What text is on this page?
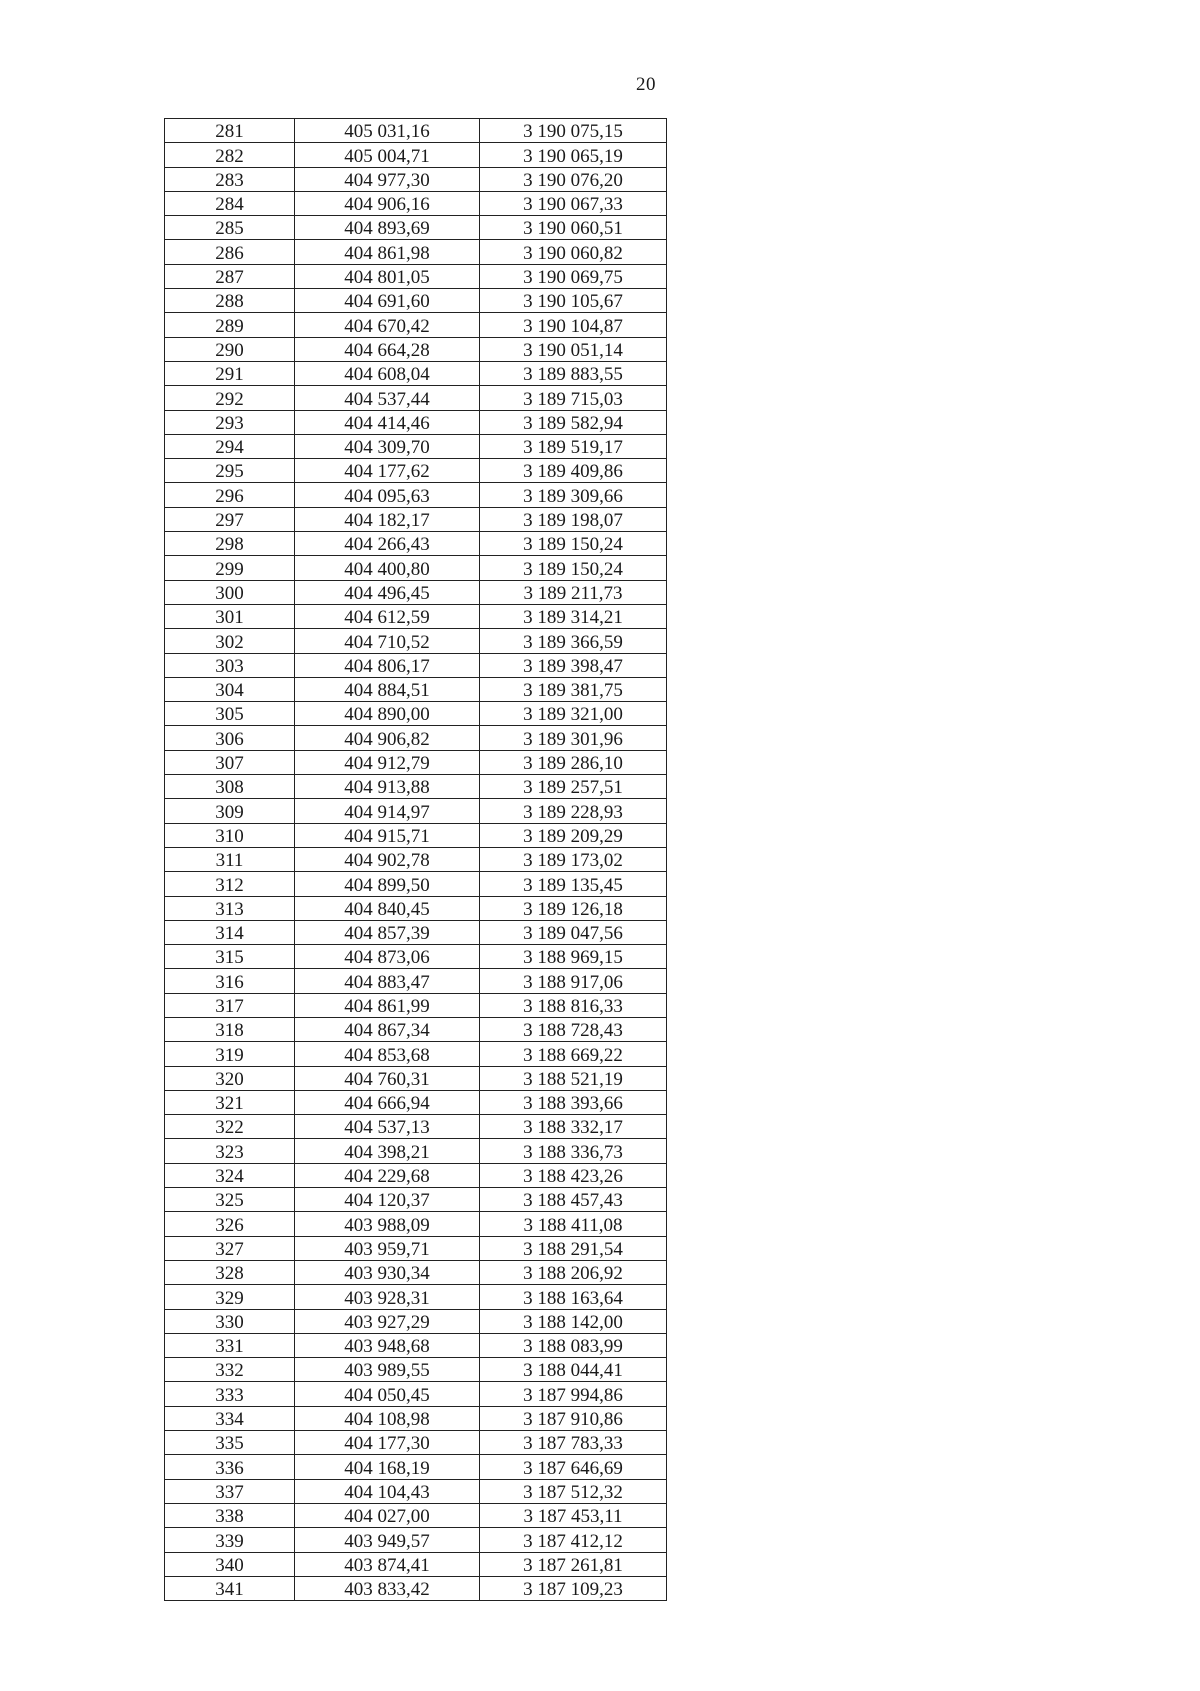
20
281	405 031,16	3 190 075,15
282	405 004,71	3 190 065,19
283	404 977,30	3 190 076,20
284	404 906,16	3 190 067,33
285	404 893,69	3 190 060,51
286	404 861,98	3 190 060,82
287	404 801,05	3 190 069,75
288	404 691,60	3 190 105,67
289	404 670,42	3 190 104,87
290	404 664,28	3 190 051,14
291	404 608,04	3 189 883,55
292	404 537,44	3 189 715,03
293	404 414,46	3 189 582,94
294	404 309,70	3 189 519,17
295	404 177,62	3 189 409,86
296	404 095,63	3 189 309,66
297	404 182,17	3 189 198,07
298	404 266,43	3 189 150,24
299	404 400,80	3 189 150,24
300	404 496,45	3 189 211,73
301	404 612,59	3 189 314,21
302	404 710,52	3 189 366,59
303	404 806,17	3 189 398,47
304	404 884,51	3 189 381,75
305	404 890,00	3 189 321,00
306	404 906,82	3 189 301,96
307	404 912,79	3 189 286,10
308	404 913,88	3 189 257,51
309	404 914,97	3 189 228,93
310	404 915,71	3 189 209,29
311	404 902,78	3 189 173,02
312	404 899,50	3 189 135,45
313	404 840,45	3 189 126,18
314	404 857,39	3 189 047,56
315	404 873,06	3 188 969,15
316	404 883,47	3 188 917,06
317	404 861,99	3 188 816,33
318	404 867,34	3 188 728,43
319	404 853,68	3 188 669,22
320	404 760,31	3 188 521,19
321	404 666,94	3 188 393,66
322	404 537,13	3 188 332,17
323	404 398,21	3 188 336,73
324	404 229,68	3 188 423,26
325	404 120,37	3 188 457,43
326	403 988,09	3 188 411,08
327	403 959,71	3 188 291,54
328	403 930,34	3 188 206,92
329	403 928,31	3 188 163,64
330	403 927,29	3 188 142,00
331	403 948,68	3 188 083,99
332	403 989,55	3 188 044,41
333	404 050,45	3 187 994,86
334	404 108,98	3 187 910,86
335	404 177,30	3 187 783,33
336	404 168,19	3 187 646,69
337	404 104,43	3 187 512,32
338	404 027,00	3 187 453,11
339	403 949,57	3 187 412,12
340	403 874,41	3 187 261,81
341	403 833,42	3 187 109,23
